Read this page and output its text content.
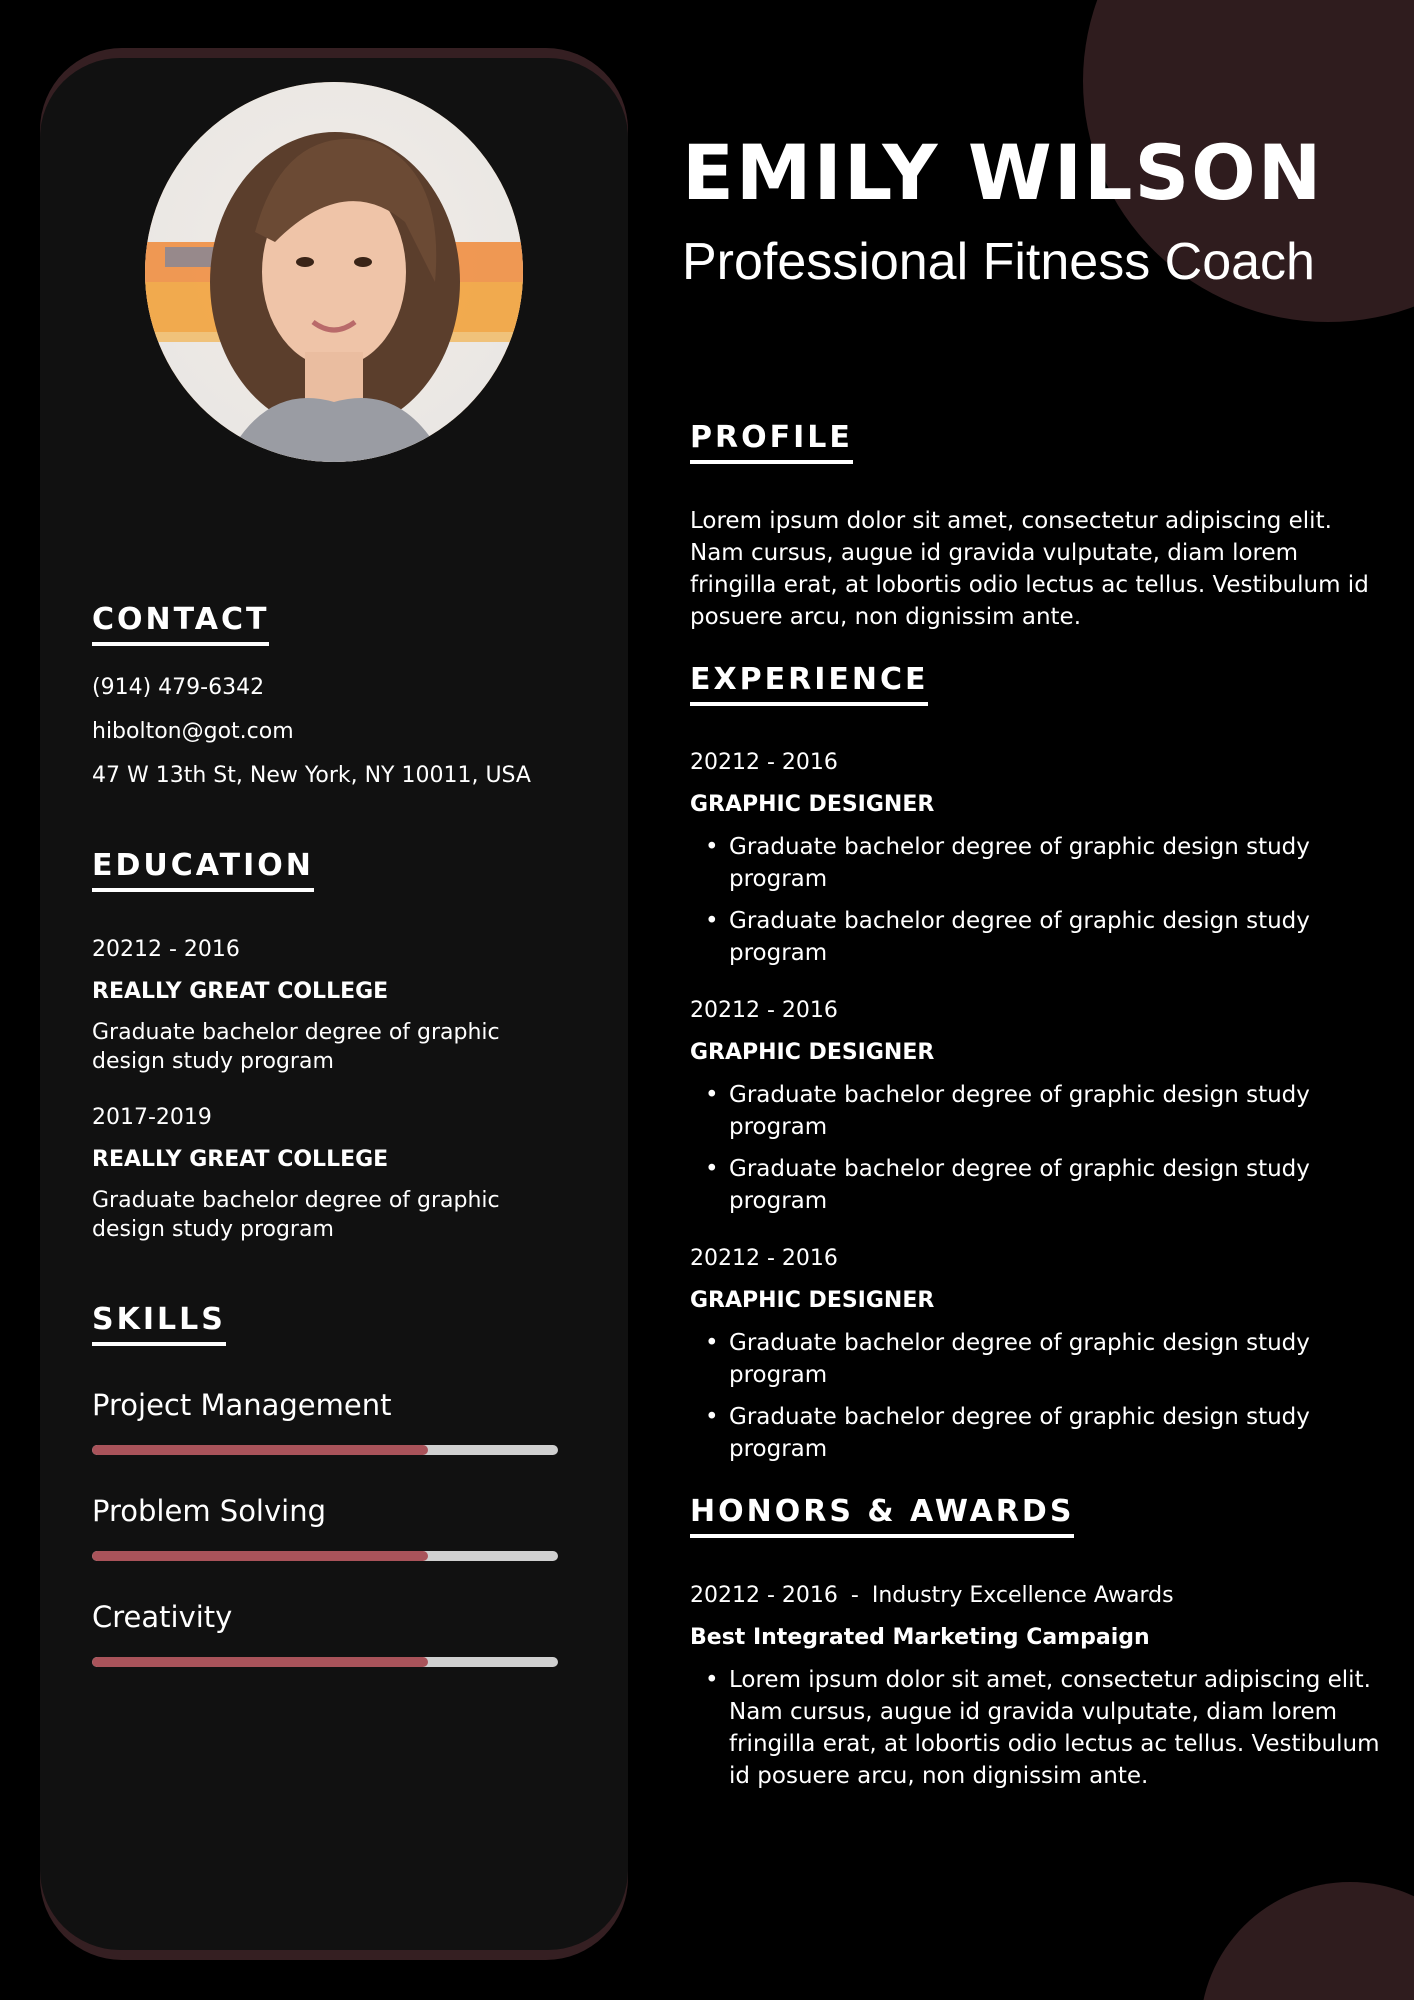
CONTACT
(914) 479-6342
hibolton@got.com
47 W 13th St, New York, NY 10011, USA
EDUCATION
20212 - 2016
REALLY GREAT COLLEGE
Graduate bachelor degree of graphic
design study program
2017-2019
REALLY GREAT COLLEGE
Graduate bachelor degree of graphic
design study program
SKILLS
Project Management
Problem Solving
Creativity
EMILY WILSON
Professional Fitness Coach
PROFILE
Lorem ipsum dolor sit amet, consectetur adipiscing elit. Nam cursus, augue id gravida vulputate, diam lorem fringilla erat, at lobortis odio lectus ac tellus. Vestibulum id posuere arcu, non dignissim ante.
EXPERIENCE
20212 - 2016
GRAPHIC DESIGNER
• Graduate bachelor degree of graphic design study program
• Graduate bachelor degree of graphic design study program
20212 - 2016
GRAPHIC DESIGNER
• Graduate bachelor degree of graphic design study program
• Graduate bachelor degree of graphic design study program
20212 - 2016
GRAPHIC DESIGNER
• Graduate bachelor degree of graphic design study program
• Graduate bachelor degree of graphic design study program
HONORS & AWARDS
20212 - 2016 - Industry Excellence Awards
Best Integrated Marketing Campaign
• Lorem ipsum dolor sit amet, consectetur adipiscing elit. Nam cursus, augue id gravida vulputate, diam lorem fringilla erat, at lobortis odio lectus ac tellus. Vestibulum id posuere arcu, non dignissim ante.
